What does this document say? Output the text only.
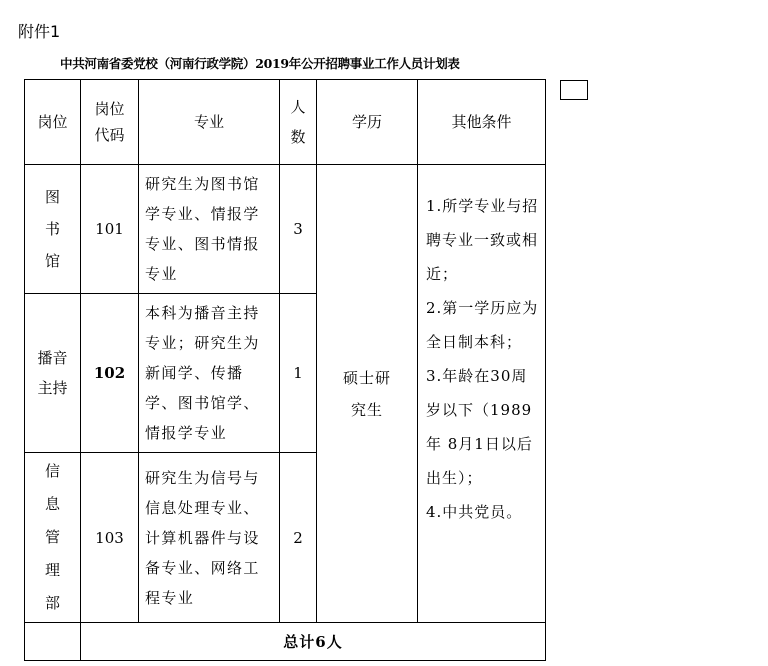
附件1
中共河南省委党校（河南行政学院）2019年公开招聘事业工作人员计划表
岗位	岗位代码	专业	人数	学历	其他条件

图书馆	101	研究生为图书馆学专业、情报学专业、图书情报专业	3	硕士研究生	1.所学专业与招聘专业一致或相近；
2.第一学历应为全日制本科；
3.年龄在30周岁以下（1989年 8月1日以后出生）；
4.中共党员。

播音主持	102	本科为播音主持专业；研究生为新闻学、传播学、图书馆学、情报学专业	1		

信息管理部	103	研究生为信号与信息处理专业、计算机器件与设备专业、网络工程专业	2		
	总计6人				
